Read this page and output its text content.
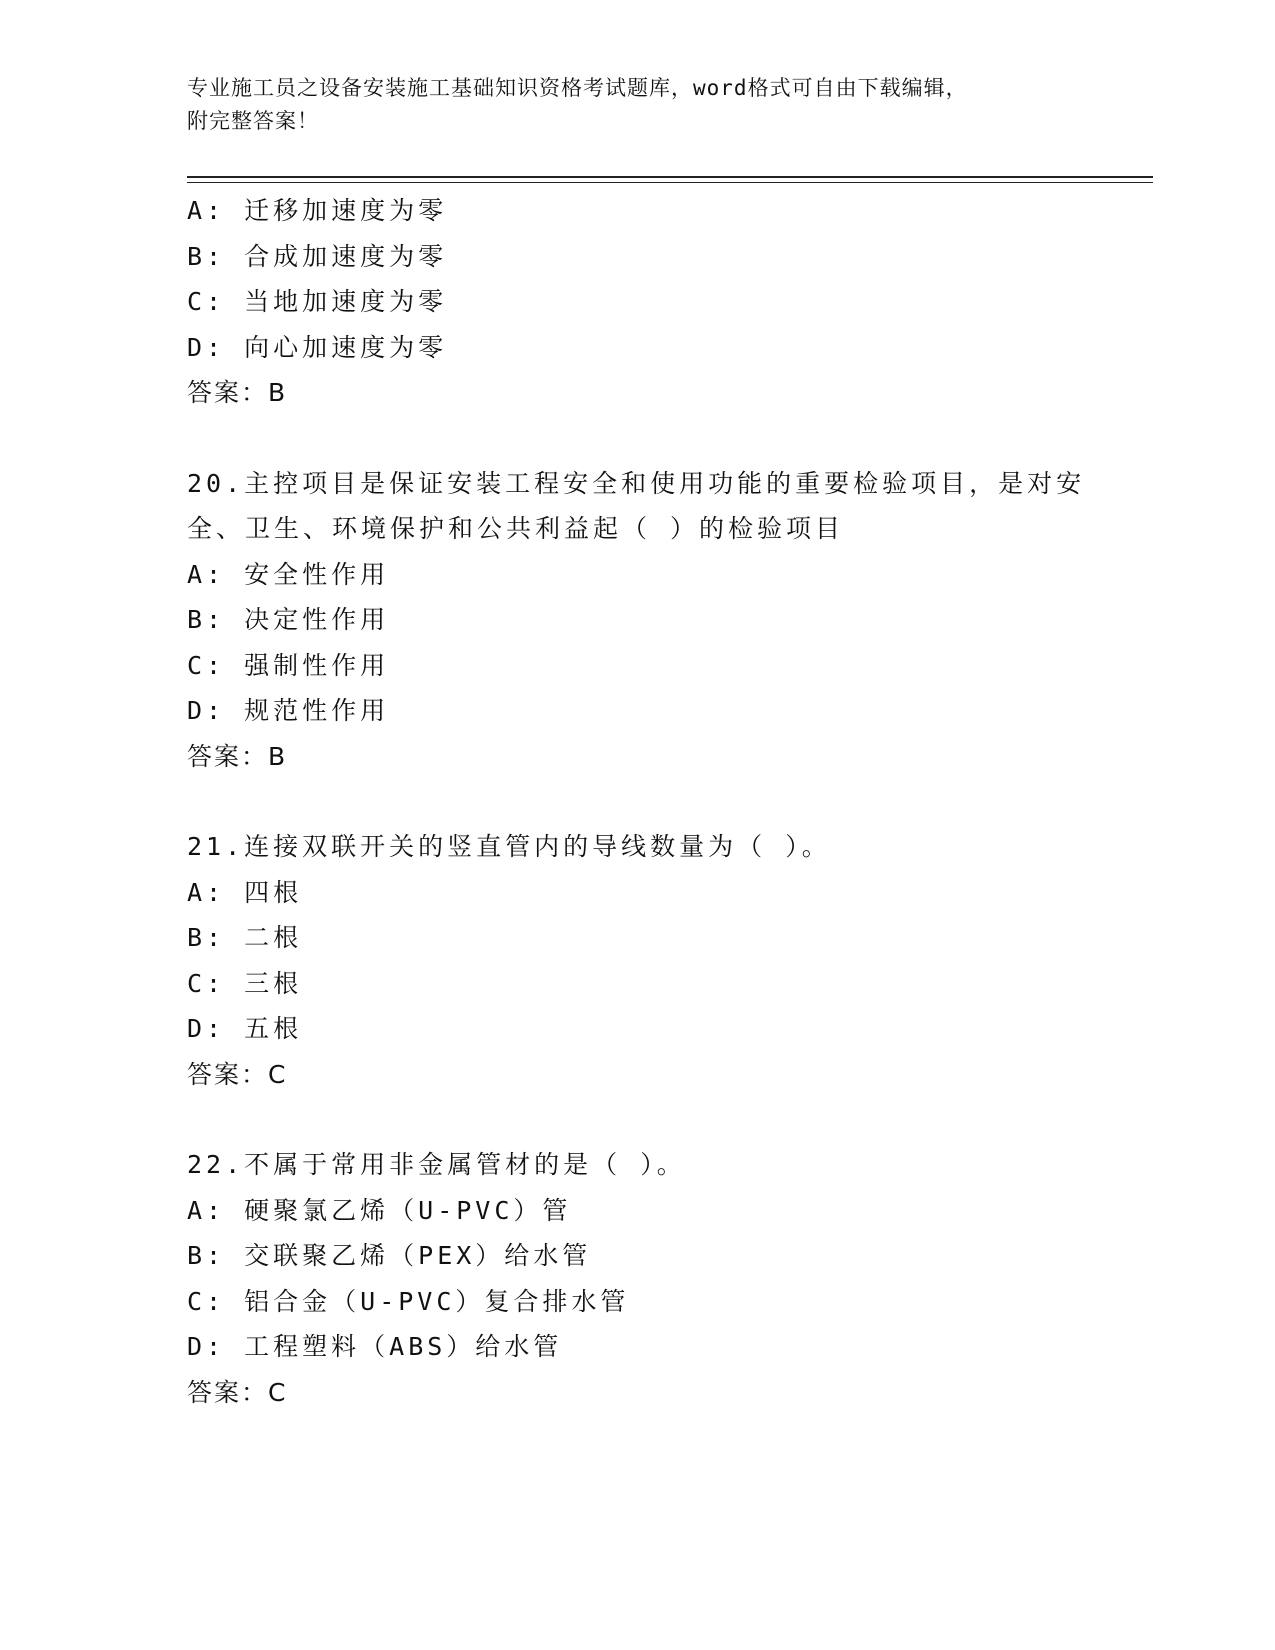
专业施工员之设备安装施工基础知识资格考试题库，word格式可自由下载编辑，
附完整答案！
A: 迁移加速度为零
B: 合成加速度为零
C: 当地加速度为零
D: 向心加速度为零
答案：B
20.主控项目是保证安装工程安全和使用功能的重要检验项目，是对安
全、卫生、环境保护和公共利益起（ ）的检验项目
A: 安全性作用
B: 决定性作用
C: 强制性作用
D: 规范性作用
答案：B
21.连接双联开关的竖直管内的导线数量为（ ）。
A: 四根
B: 二根
C: 三根
D: 五根
答案：C
22.不属于常用非金属管材的是（ ）。
A: 硬聚氯乙烯（U-PVC）管
B: 交联聚乙烯（PEX）给水管
C: 铝合金（U-PVC）复合排水管
D: 工程塑料（ABS）给水管
答案：C
